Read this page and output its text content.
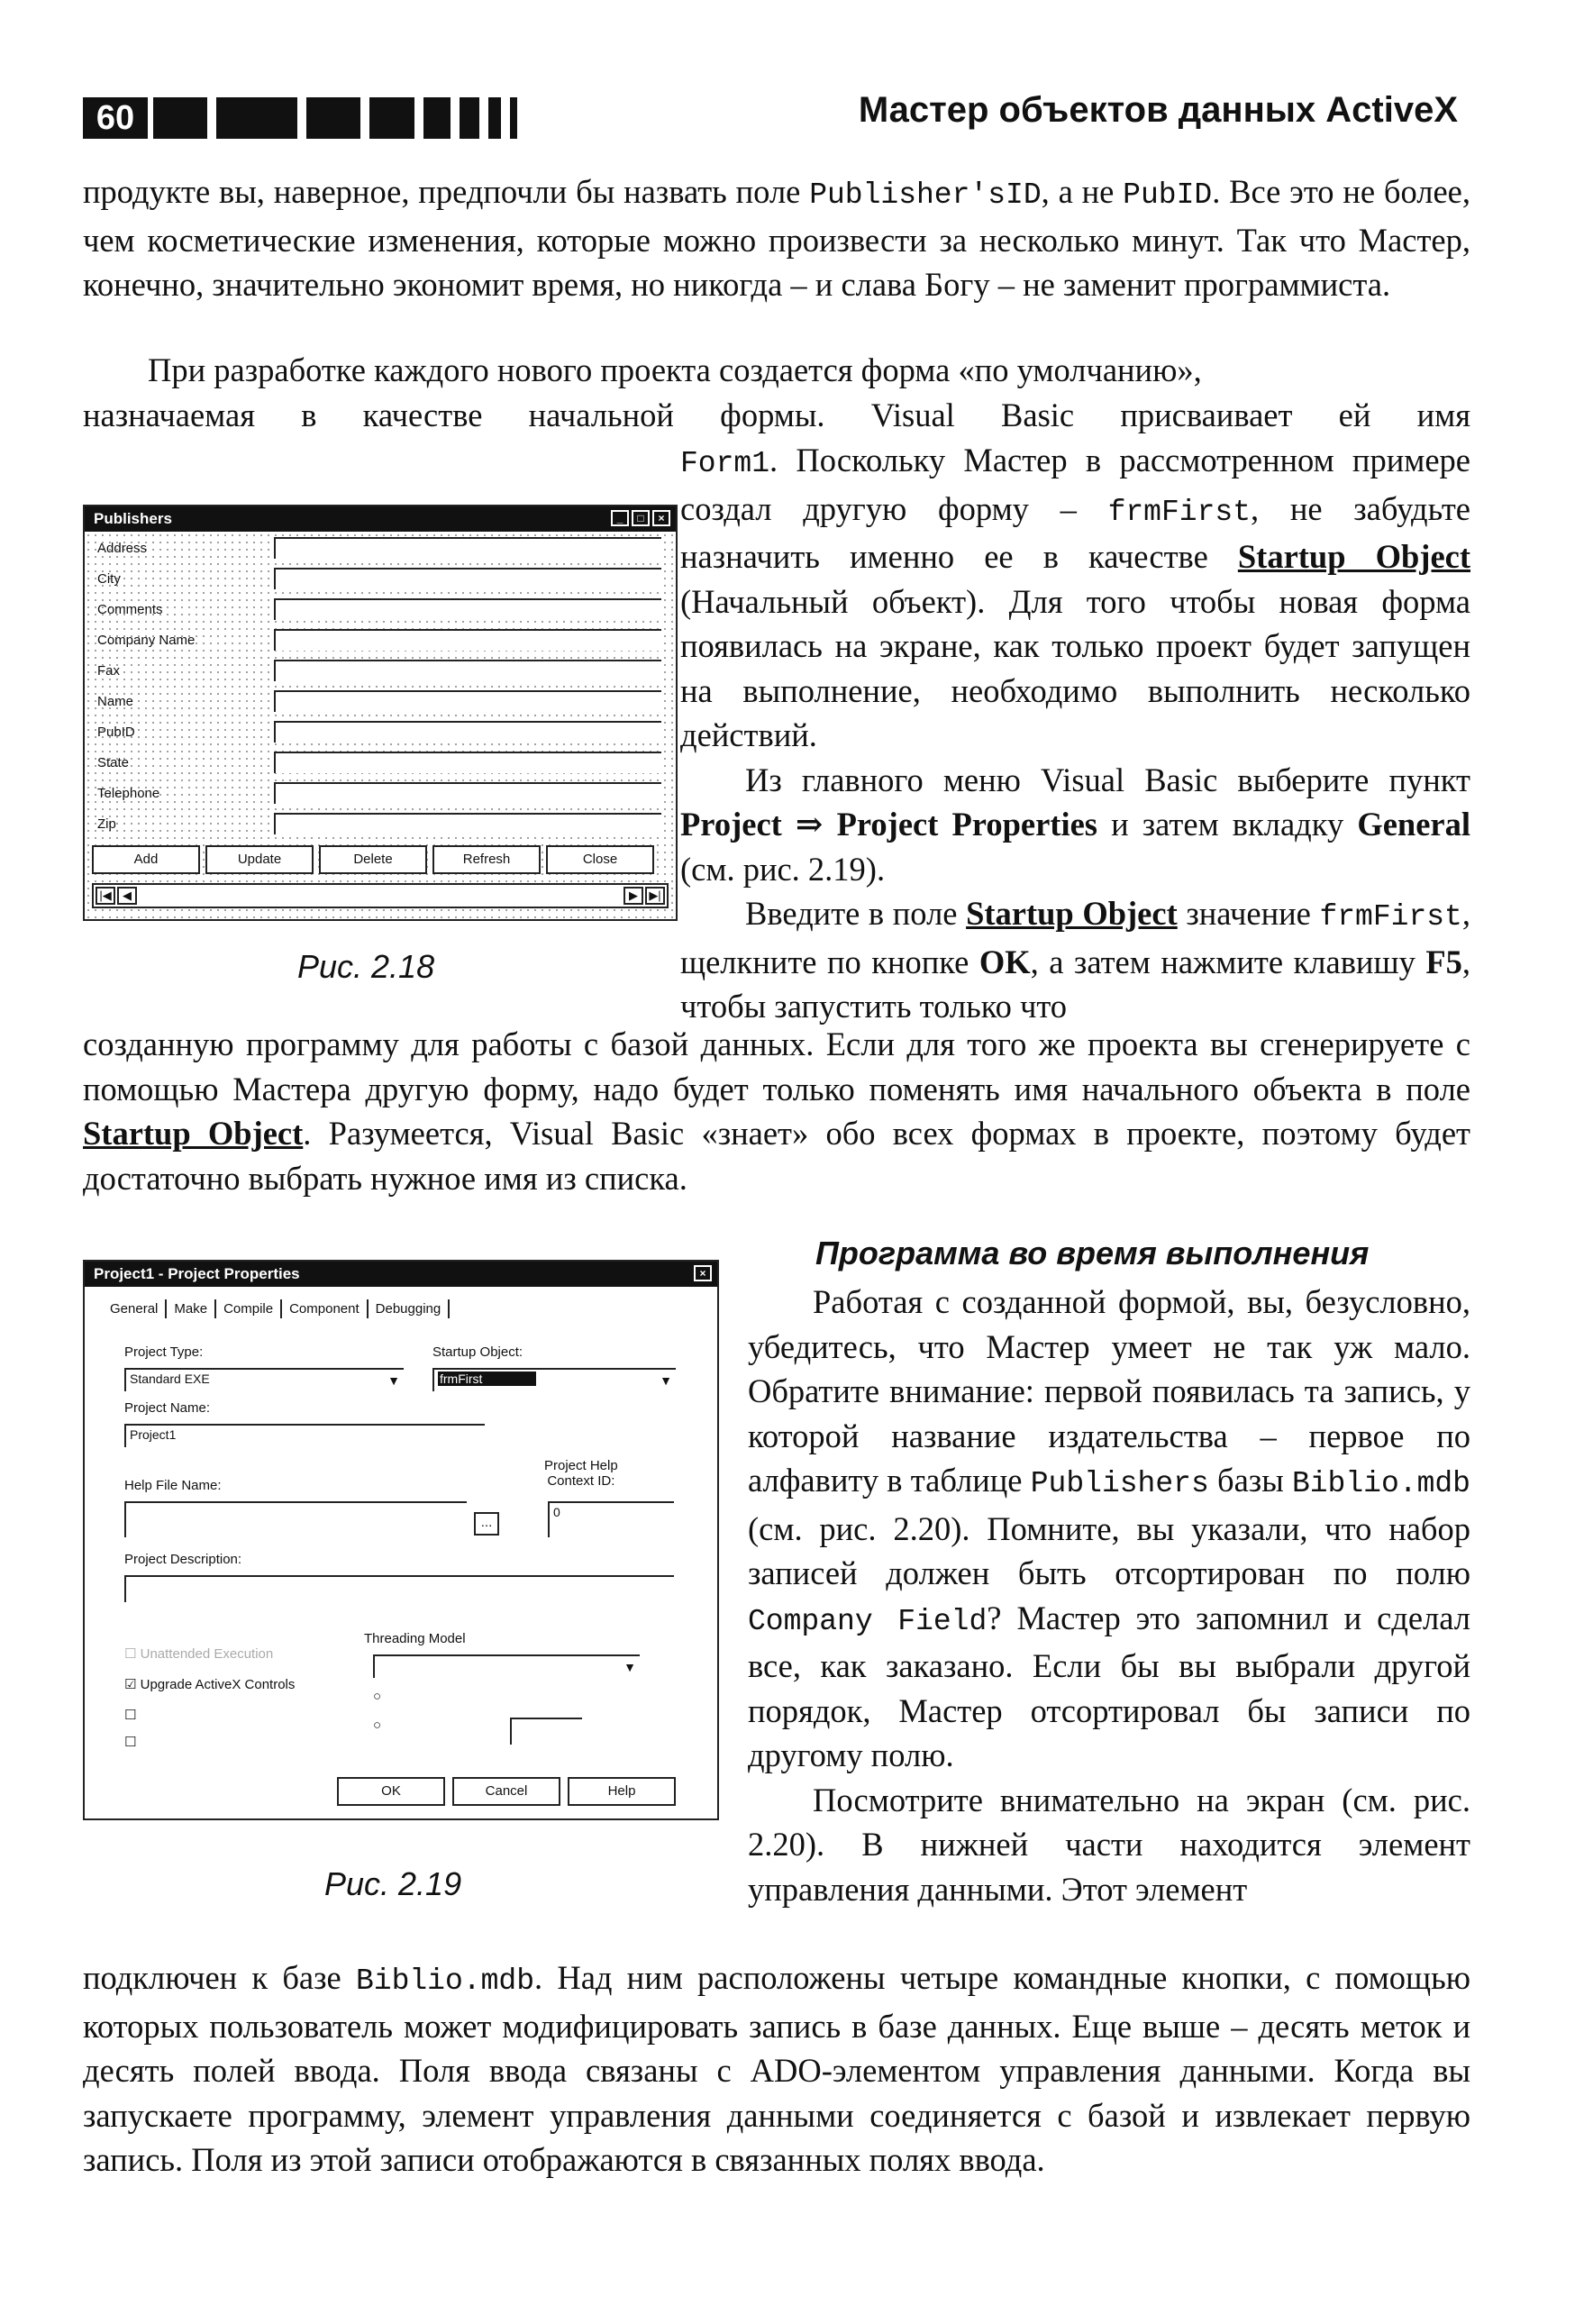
60	Мастер объектов данных ActiveX

продукте вы, наверное, предпочли бы назвать поле Publisher'sID, а не PubID. Все это не более, чем косметические изменения, которые можно произвести за несколько минут. Так что Мастер, конечно, значительно экономит время, но никогда – и слава Богу – не заменит программиста.

При разработке каждого нового проекта создается форма «по умолчанию»,

назначаемая в качестве начальной формы. Visual Basic присваивает ей имя

Form1. Поскольку Мастер в рассмотренном примере создал другую форму – frmFirst, не забудьте назначить именно ее в качестве Startup Object (Начальный объект). Для того чтобы новая форма появилась на экране, как только проект будет запущен на выполнение, необходимо выполнить несколько действий.

Из главного меню Visual Basic выберите пункт Project ⇒ Project Properties и затем вкладку General (см. рис. 2.19).

Введите в поле Startup Object значение frmFirst, щелкните по кнопке OK, а затем нажмите клавишу F5, чтобы запустить только что

Publishers	_	□	×
Address
City
Comments
Company Name
Fax
Name
PubID
State
Telephone
Zip
Add	Update	Delete	Refresh	Close
|◀ ◀	▶ ▶|
Рис. 2.18

созданную программу для работы с базой данных. Если для того же проекта вы сгенерируете с помощью Мастера другую форму, надо будет только поменять имя начального объекта в поле Startup Object. Разумеется, Visual Basic «знает» обо всех формах в проекте, поэтому будет достаточно выбрать нужное имя из списка.

Project1 - Project Properties	×
General	Make	Compile	Component	Debugging
Project Type:
Standard EXE	▼
Startup Object:
frmFirst	▼
Project Name:
Project1
Help File Name:
Project Help
Context ID:
...
0
Project Description:
☐ Unattended Execution
☑ Upgrade ActiveX Controls
☐
☐
Threading Model
▼
○
○
OK	Cancel	Help
Рис. 2.19
Программа во время выполнения

Работая с созданной формой, вы, безусловно, убедитесь, что Мастер умеет не так уж мало. Обратите внимание: первой появилась та запись, у которой название издательства – первое по алфавиту в таблице Publishers базы Biblio.mdb (см. рис. 2.20). Помните, вы указали, что набор записей должен быть отсортирован по полю Company Field? Мастер это запомнил и сделал все, как заказано. Если бы вы выбрали другой порядок, Мастер отсортировал бы записи по другому полю.

Посмотрите внимательно на экран (см. рис. 2.20). В нижней части находится элемент управления данными. Этот элемент

подключен к базе Biblio.mdb. Над ним расположены четыре командные кнопки, с помощью которых пользователь может модифицировать запись в базе данных. Еще выше – десять меток и десять полей ввода. Поля ввода связаны с ADO-элементом управления данными. Когда вы запускаете программу, элемент управления данными соединяется с базой и извлекает первую запись. Поля из этой записи отображаются в связанных полях ввода.
